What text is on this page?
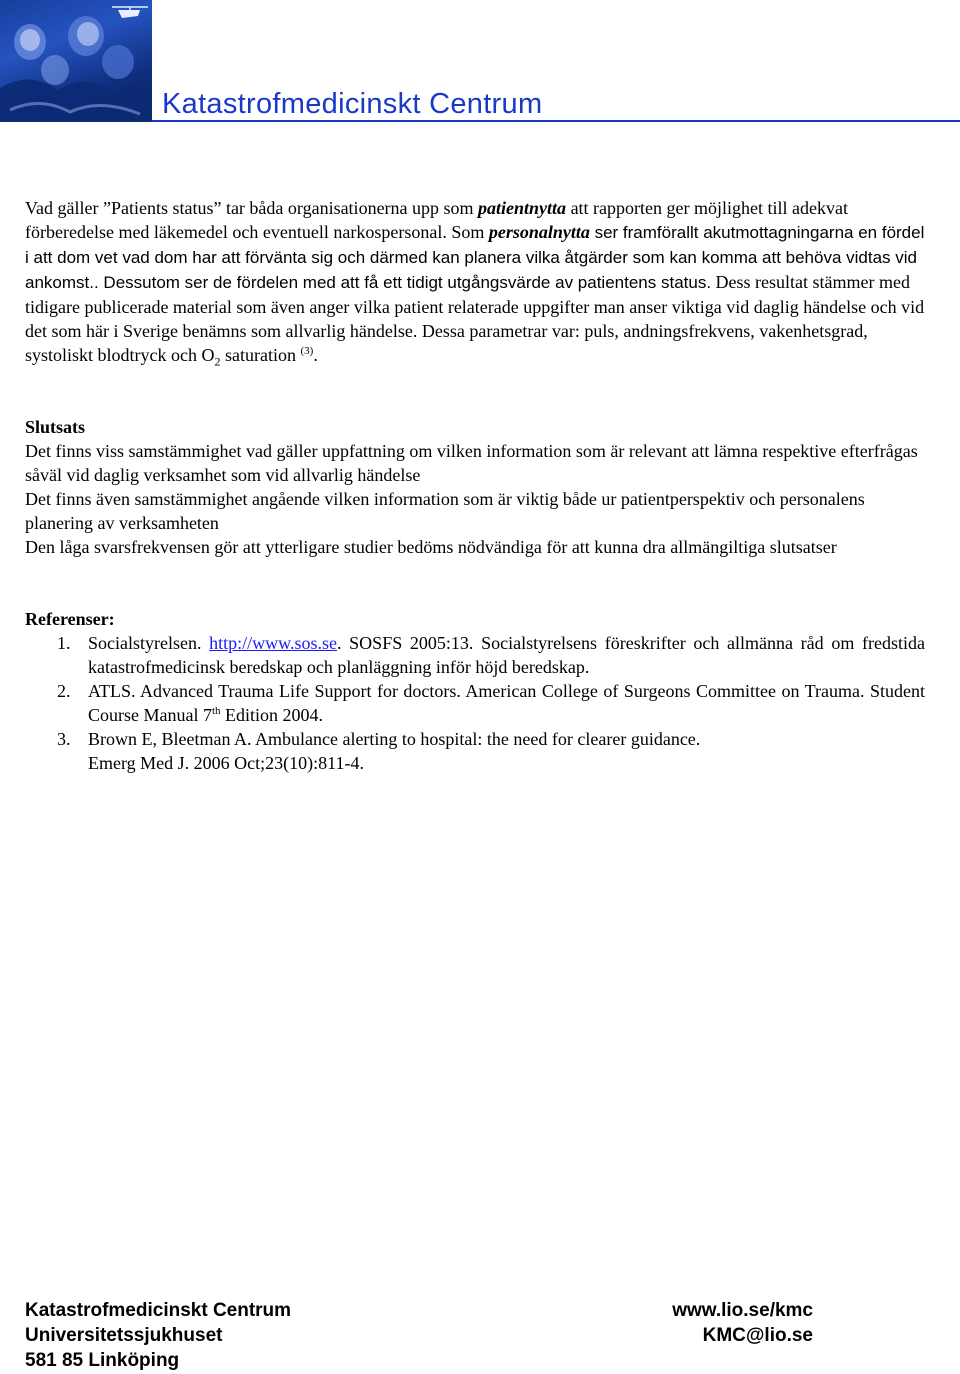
Katastrofmedicinskt Centrum

Vad gäller ”Patients status” tar båda organisationerna upp som patientnytta att rapporten ger möjlighet till adekvat förberedelse med läkemedel och eventuell narkospersonal. Som personalnytta ser framförallt akutmottagningarna en fördel i att dom vet vad dom har att förvänta sig och därmed kan planera vilka åtgärder som kan komma att behöva vidtas vid ankomst.. Dessutom ser de fördelen med att få ett tidigt utgångsvärde av patientens status. Dess resultat stämmer med tidigare publicerade material som även anger vilka patient relaterade uppgifter man anser viktiga vid daglig händelse och vid det som här i Sverige benämns som allvarlig händelse. Dessa parametrar var: puls, andningsfrekvens, vakenhetsgrad, systoliskt blodtryck och $O_2$ saturation $^{(3)}$.

Slutsats

Det finns viss samstämmighet vad gäller uppfattning om vilken information som är relevant att lämna respektive efterfrågas såväl vid daglig verksamhet som vid allvarlig händelse

Det finns även samstämmighet angående vilken information som är viktig både ur patientperspektiv och personalens planering av verksamheten

Den låga svarsfrekvensen gör att ytterligare studier bedöms nödvändiga för att kunna dra allmängiltiga slutsatser

Referenser:

1. Socialstyrelsen. http://www.sos.se. SOSFS 2005:13. Socialstyrelsens föreskrifter och allmänna råd om fredstida katastrofmedicinsk beredskap och planläggning inför höjd beredskap.
2. ATLS. Advanced Trauma Life Support for doctors. American College of Surgeons Committee on Trauma. Student Course Manual 7th Edition 2004.
3. Brown E, Bleetman A. Ambulance alerting to hospital: the need for clearer guidance.
Emerg Med J. 2006 Oct;23(10):811-4.
Katastrofmedicinskt Centrum
Universitetssjukhuset
581 85 Linköping
www.lio.se/kmc
KMC@lio.se
